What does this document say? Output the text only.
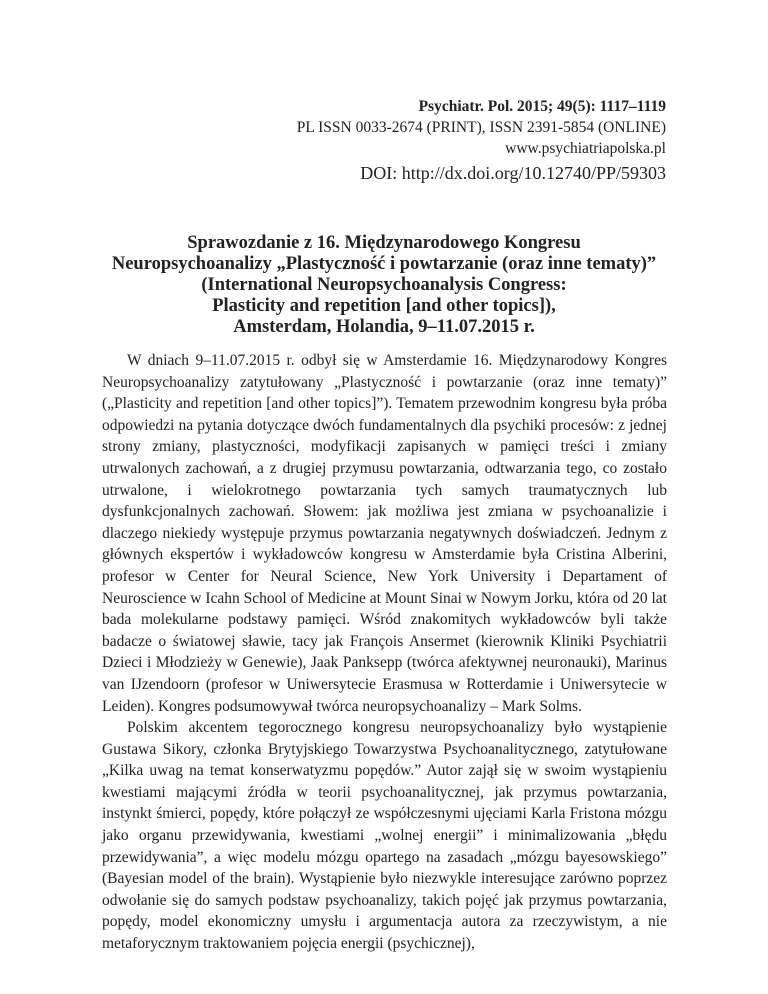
Psychiatr. Pol. 2015; 49(5): 1117–1119
PL ISSN 0033-2674 (PRINT), ISSN 2391-5854 (ONLINE)
www.psychiatriapolska.pl
DOI: http://dx.doi.org/10.12740/PP/59303
Sprawozdanie z 16. Międzynarodowego Kongresu
Neuropsychoanalizy „Plastyczność i powtarzanie (oraz inne tematy)”
(International Neuropsychoanalysis Congress:
Plasticity and repetition [and other topics]),
Amsterdam, Holandia, 9–11.07.2015 r.

W dniach 9–11.07.2015 r. odbył się w Amsterdamie 16. Międzynarodowy Kongres Neuropsychoanalizy zatytułowany „Plastyczność i powtarzanie (oraz inne tematy)” („Plasticity and repetition [and other topics]”). Tematem przewodnim kongresu była próba odpowiedzi na pytania dotyczące dwóch fundamentalnych dla psychiki procesów: z jednej strony zmiany, plastyczności, modyfikacji zapisanych w pamięci treści i zmiany utrwalonych zachowań, a z drugiej przymusu powtarzania, odtwarzania tego, co zostało utrwalone, i wielokrotnego powtarzania tych samych traumatycznych lub dysfunkcjonalnych zachowań. Słowem: jak możliwa jest zmiana w psychoanalizie i dlaczego niekiedy występuje przymus powtarzania negatywnych doświadczeń. Jednym z głównych ekspertów i wykładowców kongresu w Amsterdamie była Cristina Alberini, profesor w Center for Neural Science, New York University i Departament of Neuroscience w Icahn School of Medicine at Mount Sinai w Nowym Jorku, która od 20 lat bada molekularne podstawy pamięci. Wśród znakomitych wykładowców byli także badacze o światowej sławie, tacy jak François Ansermet (kierownik Kliniki Psychiatrii Dzieci i Młodzieży w Genewie), Jaak Panksepp (twórca afektywnej neuronauki), Marinus van IJzendoorn (profesor w Uniwersytecie Erasmusa w Rotterdamie i Uniwersytecie w Leiden). Kongres podsumowywał twórca neuropsychoanalizy – Mark Solms.

Polskim akcentem tegorocznego kongresu neuropsychoanalizy było wystąpienie Gustawa Sikory, członka Brytyjskiego Towarzystwa Psychoanalitycznego, zatytułowane „Kilka uwag na temat konserwatyzmu popędów.” Autor zajął się w swoim wystąpieniu kwestiami mającymi źródła w teorii psychoanalitycznej, jak przymus powtarzania, instynkt śmierci, popędy, które połączył ze współczesnymi ujęciami Karla Fristona mózgu jako organu przewidywania, kwestiami „wolnej energii” i minimalizowania „błędu przewidywania”, a więc modelu mózgu opartego na zasadach „mózgu bayesowskiego” (Bayesian model of the brain). Wystąpienie było niezwykle interesujące zarówno poprzez odwołanie się do samych podstaw psychoanalizy, takich pojęć jak przymus powtarzania, popędy, model ekonomiczny umysłu i argumentacja autora za rzeczywistym, a nie metaforycznym traktowaniem pojęcia energii (psychicznej),
